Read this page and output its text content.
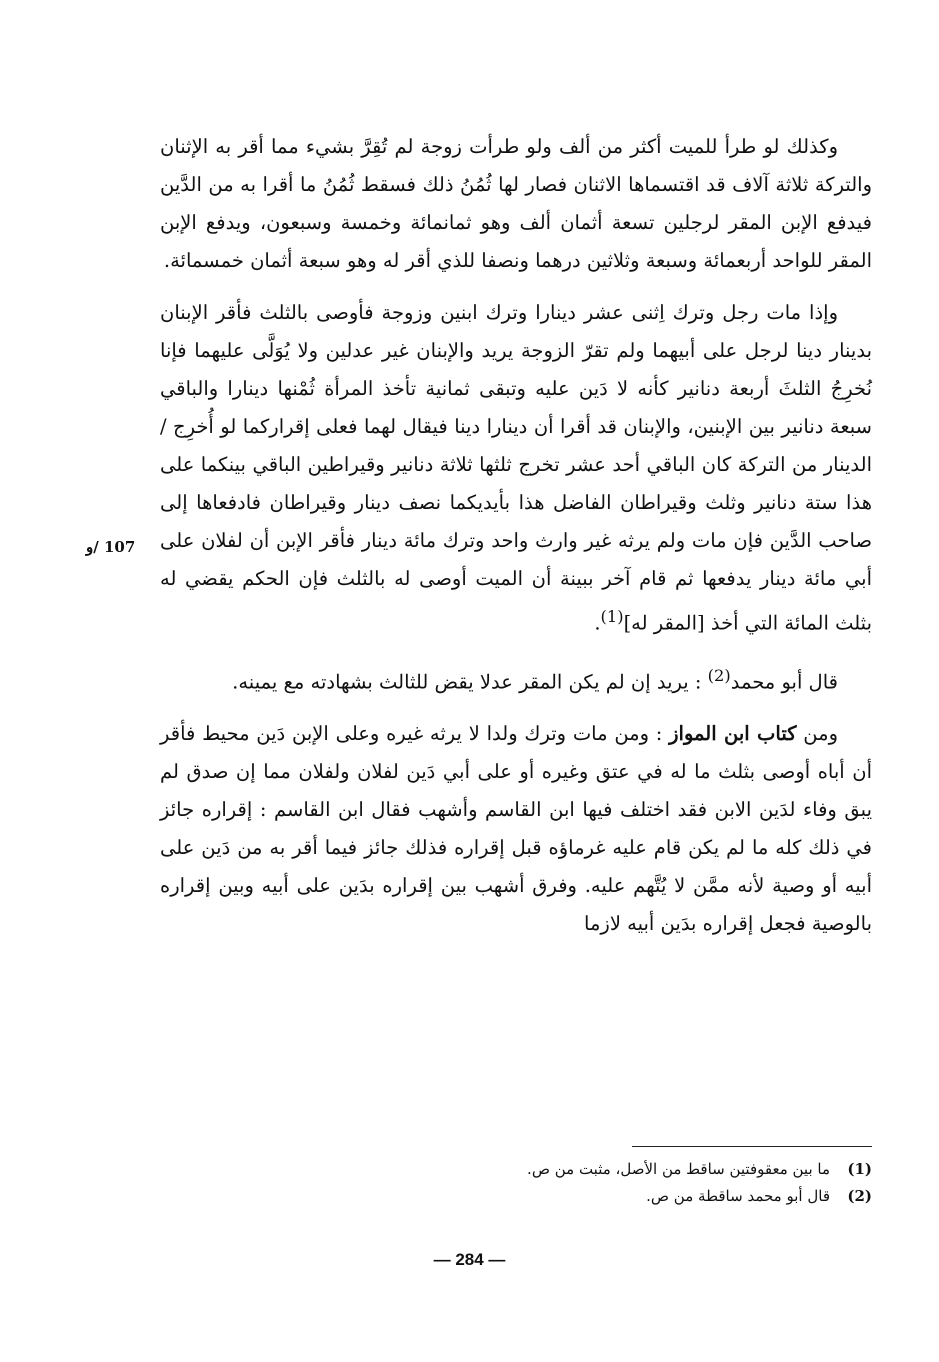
وكذلك لو طرأ للميت أكثر من ألف ولو طرأت زوجة لم تُقِرَّ بشيء مما أقر به الإثنان والتركة ثلاثة آلاف قد اقتسماها الاثنان فصار لها ثُمُنُ ذلك فسقط ثُمُنُ ما أقرا به من الدَّين فيدفع الإبن المقر لرجلين تسعة أثمان ألف وهو ثمانمائة وخمسة وسبعون، ويدفع الإبن المقر للواحد أربعمائة وسبعة وثلاثين درهما ونصفا للذي أقر له وهو سبعة أثمان خمسمائة.

وإذا مات رجل وترك اِثنى عشر دينارا وترك ابنين وزوجة فأوصى بالثلث فأقر الإبنان بدينار دينا لرجل على أبيهما ولم تقرّ الزوجة يريد والإبنان غير عدلين ولا يُوَلَّى عليهما فإنا نُخرِجُ الثلثَ أربعة دنانير كأنه لا دَين عليه وتبقى ثمانية تأخذ المرأة ثُمْنها دينارا والباقي سبعة دنانير بين الإبنين، والإبنان قد أقرا أن دينارا دينا فيقال لهما فعلى إقراركما لو أُخرِج / الدينار من التركة كان الباقي أحد عشر تخرج ثلثها ثلاثة دنانير وقيراطين الباقي بينكما على هذا ستة دنانير وثلث وقيراطان الفاضل هذا بأيديكما نصف دينار وقيراطان فادفعاها إلى صاحب الدَّين فإن مات ولم يرثه غير وارث واحد وترك مائة دينار فأقر الإبن أن لفلان على أبي مائة دينار يدفعها ثم قام آخر ببينة أن الميت أوصى له بالثلث فإن الحكم يقضي له بثلث المائة التي أخذ [المقر له]$^{(1)}$.

قال أبو محمد$^{(2)}$ : يريد إن لم يكن المقر عدلا يقض للثالث بشهادته مع يمينه.

ومن كتاب ابن المواز : ومن مات وترك ولدا لا يرثه غيره وعلى الإبن دَين محيط فأقر أن أباه أوصى بثلث ما له في عتق وغيره أو على أبي دَين لفلان ولفلان مما إن صدق لم يبق وفاء لدَين الابن فقد اختلف فيها ابن القاسم وأشهب فقال ابن القاسم : إقراره جائز في ذلك كله ما لم يكن قام عليه غرماؤه قبل إقراره فذلك جائز فيما أقر به من دَين على أبيه أو وصية لأنه ممَّن لا يُتَّهم عليه. وفرق أشهب بين إقراره بدَين على أبيه وبين إقراره بالوصية فجعل إقراره بدَين أبيه لازما

107 /و

(1)ما بين معقوفتين ساقط من الأصل، مثبت من ص.

(2)قال أبو محمد ساقطة من ص.

— 284 —
